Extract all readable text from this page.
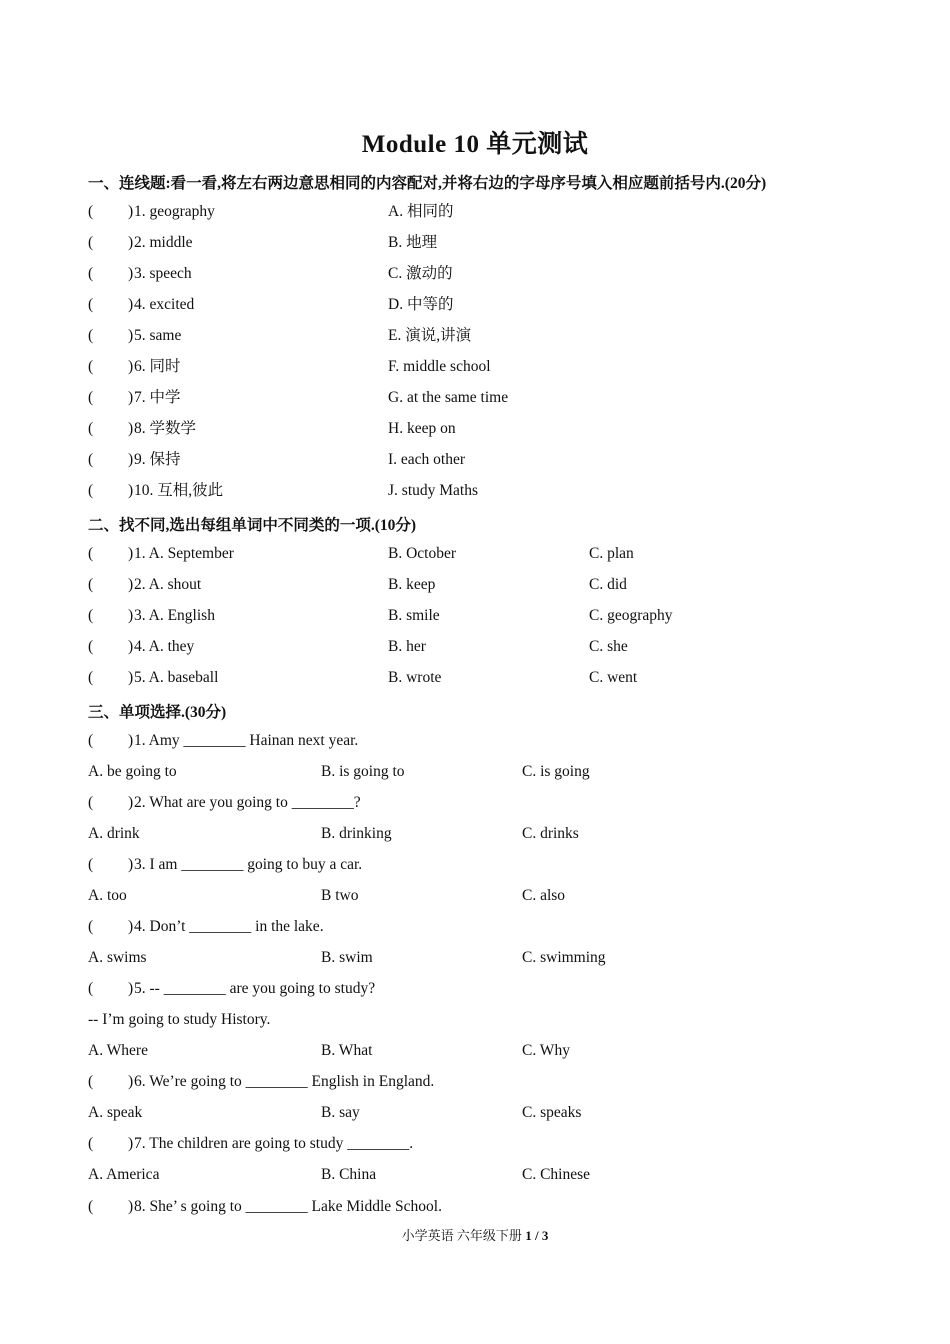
Module 10 单元测试
一、连线题:看一看,将左右两边意思相同的内容配对,并将右边的字母序号填入相应题前括号内.(20分)
( ) 1. geography	A. 相同的
( ) 2. middle	B. 地理
( ) 3. speech	C. 激动的
( ) 4. excited	D. 中等的
( ) 5. same	E. 演说,讲演
( ) 6. 同时	F. middle school
( ) 7. 中学	G. at the same time
( ) 8. 学数学	H. keep on
( ) 9. 保持	I. each other
( ) 10. 互相,彼此	J. study Maths
二、找不同,选出每组单词中不同类的一项.(10分)
( ) 1. A. September	B. October	C. plan
( ) 2. A. shout	B. keep	C. did
( ) 3. A. English	B. smile	C. geography
( ) 4. A. they	B. her	C. she
( ) 5. A. baseball	B. wrote	C. went
三、单项选择.(30分)
( ) 1. Amy ________ Hainan next year.
A. be going to	B. is going to	C. is going
( ) 2. What are you going to ________?
A. drink	B. drinking	C. drinks
( ) 3. I am ________ going to buy a car.
A. too	B two	C. also
( ) 4. Don’t ________ in the lake.
A. swims	B. swim	C. swimming
( ) 5. -- ________ are you going to study?
-- I’m going to study History.
A. Where	B. What	C. Why
( ) 6. We’re going to ________ English in England.
A. speak	B. say	C. speaks
( ) 7. The children are going to study ________.
A. America	B. China	C. Chinese
( ) 8. She’ s going to ________ Lake Middle School.
小学英语 六年级下册 1 / 3
